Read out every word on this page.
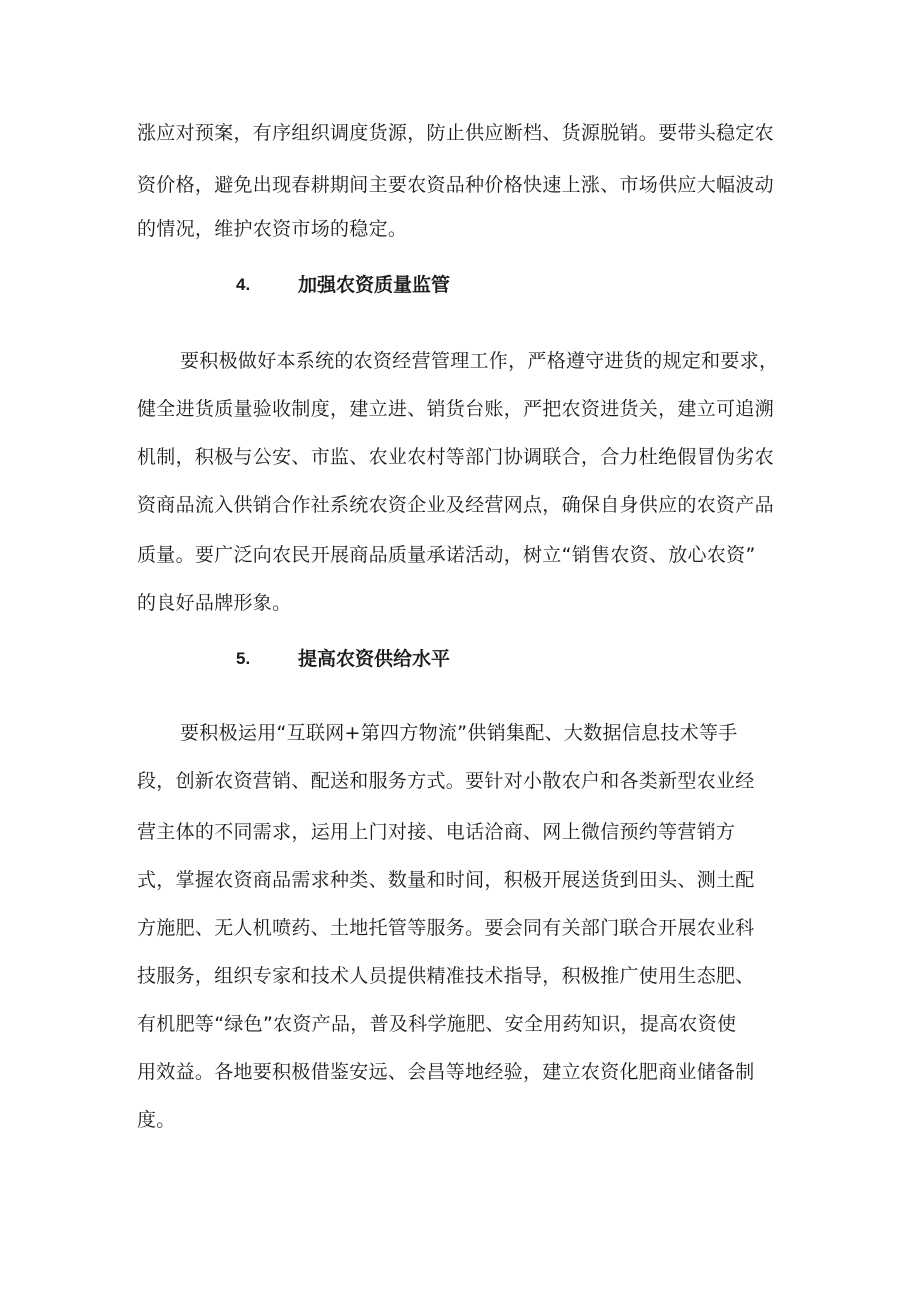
涨应对预案，有序组织调度货源，防止供应断档、货源脱销。要带头稳定农
资价格，避免出现春耕期间主要农资品种价格快速上涨、市场供应大幅波动
的情况，维护农资市场的稳定。
4.	加强农资质量监管
要积极做好本系统的农资经营管理工作，严格遵守进货的规定和要求，
健全进货质量验收制度，建立进、销货台账，严把农资进货关，建立可追溯
机制，积极与公安、市监、农业农村等部门协调联合，合力杜绝假冒伪劣农
资商品流入供销合作社系统农资企业及经营网点，确保自身供应的农资产品
质量。要广泛向农民开展商品质量承诺活动，树立“销售农资、放心农资”
的良好品牌形象。
5.	提高农资供给水平
要积极运用“互联网+第四方物流”供销集配、大数据信息技术等手
段，创新农资营销、配送和服务方式。要针对小散农户和各类新型农业经
营主体的不同需求，运用上门对接、电话洽商、网上微信预约等营销方
式，掌握农资商品需求种类、数量和时间，积极开展送货到田头、测土配
方施肥、无人机喷药、土地托管等服务。要会同有关部门联合开展农业科
技服务，组织专家和技术人员提供精准技术指导，积极推广使用生态肥、
有机肥等“绿色”农资产品，普及科学施肥、安全用药知识，提高农资使
用效益。各地要积极借鉴安远、会昌等地经验，建立农资化肥商业储备制
度。
